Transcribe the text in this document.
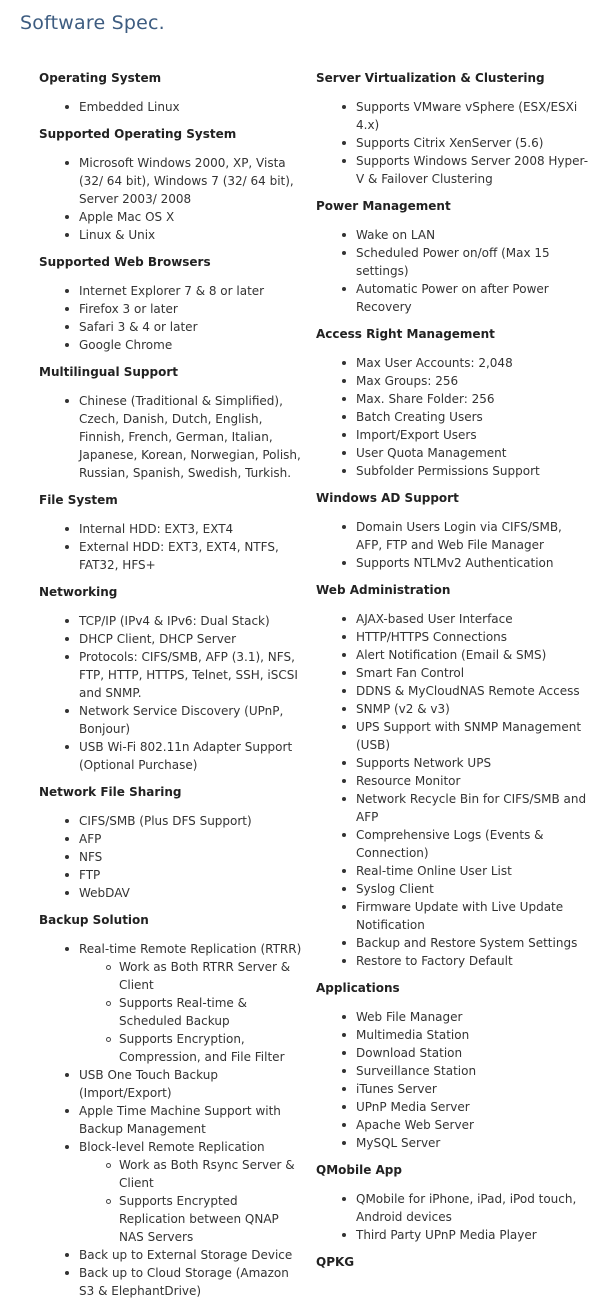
Software Spec.
Operating System
Embedded Linux
Supported Operating System
Microsoft Windows 2000, XP, Vista (32/ 64 bit), Windows 7 (32/ 64 bit), Server 2003/ 2008
Apple Mac OS X
Linux & Unix
Supported Web Browsers
Internet Explorer 7 & 8 or later
Firefox 3 or later
Safari 3 & 4 or later
Google Chrome
Multilingual Support
Chinese (Traditional & Simplified), Czech, Danish, Dutch, English, Finnish, French, German, Italian, Japanese, Korean, Norwegian, Polish, Russian, Spanish, Swedish, Turkish.
File System
Internal HDD: EXT3, EXT4
External HDD: EXT3, EXT4, NTFS, FAT32, HFS+
Networking
TCP/IP (IPv4 & IPv6: Dual Stack)
DHCP Client, DHCP Server
Protocols: CIFS/SMB, AFP (3.1), NFS, FTP, HTTP, HTTPS, Telnet, SSH, iSCSI and SNMP.
Network Service Discovery (UPnP, Bonjour)
USB Wi-Fi 802.11n Adapter Support (Optional Purchase)
Network File Sharing
CIFS/SMB (Plus DFS Support)
AFP
NFS
FTP
WebDAV
Backup Solution
Real-time Remote Replication (RTRR)
Work as Both RTRR Server & Client
Supports Real-time & Scheduled Backup
Supports Encryption, Compression, and File Filter
USB One Touch Backup (Import/Export)
Apple Time Machine Support with Backup Management
Block-level Remote Replication
Work as Both Rsync Server & Client
Supports Encrypted Replication between QNAP NAS Servers
Back up to External Storage Device
Back up to Cloud Storage (Amazon S3 & ElephantDrive)
Server Virtualization & Clustering
Supports VMware vSphere (ESX/ESXi 4.x)
Supports Citrix XenServer (5.6)
Supports Windows Server 2008 Hyper-V & Failover Clustering
Power Management
Wake on LAN
Scheduled Power on/off (Max 15 settings)
Automatic Power on after Power Recovery
Access Right Management
Max User Accounts: 2,048
Max Groups: 256
Max. Share Folder: 256
Batch Creating Users
Import/Export Users
User Quota Management
Subfolder Permissions Support
Windows AD Support
Domain Users Login via CIFS/SMB, AFP, FTP and Web File Manager
Supports NTLMv2 Authentication
Web Administration
AJAX-based User Interface
HTTP/HTTPS Connections
Alert Notification (Email & SMS)
Smart Fan Control
DDNS & MyCloudNAS Remote Access
SNMP (v2 & v3)
UPS Support with SNMP Management (USB)
Supports Network UPS
Resource Monitor
Network Recycle Bin for CIFS/SMB and AFP
Comprehensive Logs (Events & Connection)
Real-time Online User List
Syslog Client
Firmware Update with Live Update Notification
Backup and Restore System Settings
Restore to Factory Default
Applications
Web File Manager
Multimedia Station
Download Station
Surveillance Station
iTunes Server
UPnP Media Server
Apache Web Server
MySQL Server
QMobile App
QMobile for iPhone, iPad, iPod touch, Android devices
Third Party UPnP Media Player
QPKG
